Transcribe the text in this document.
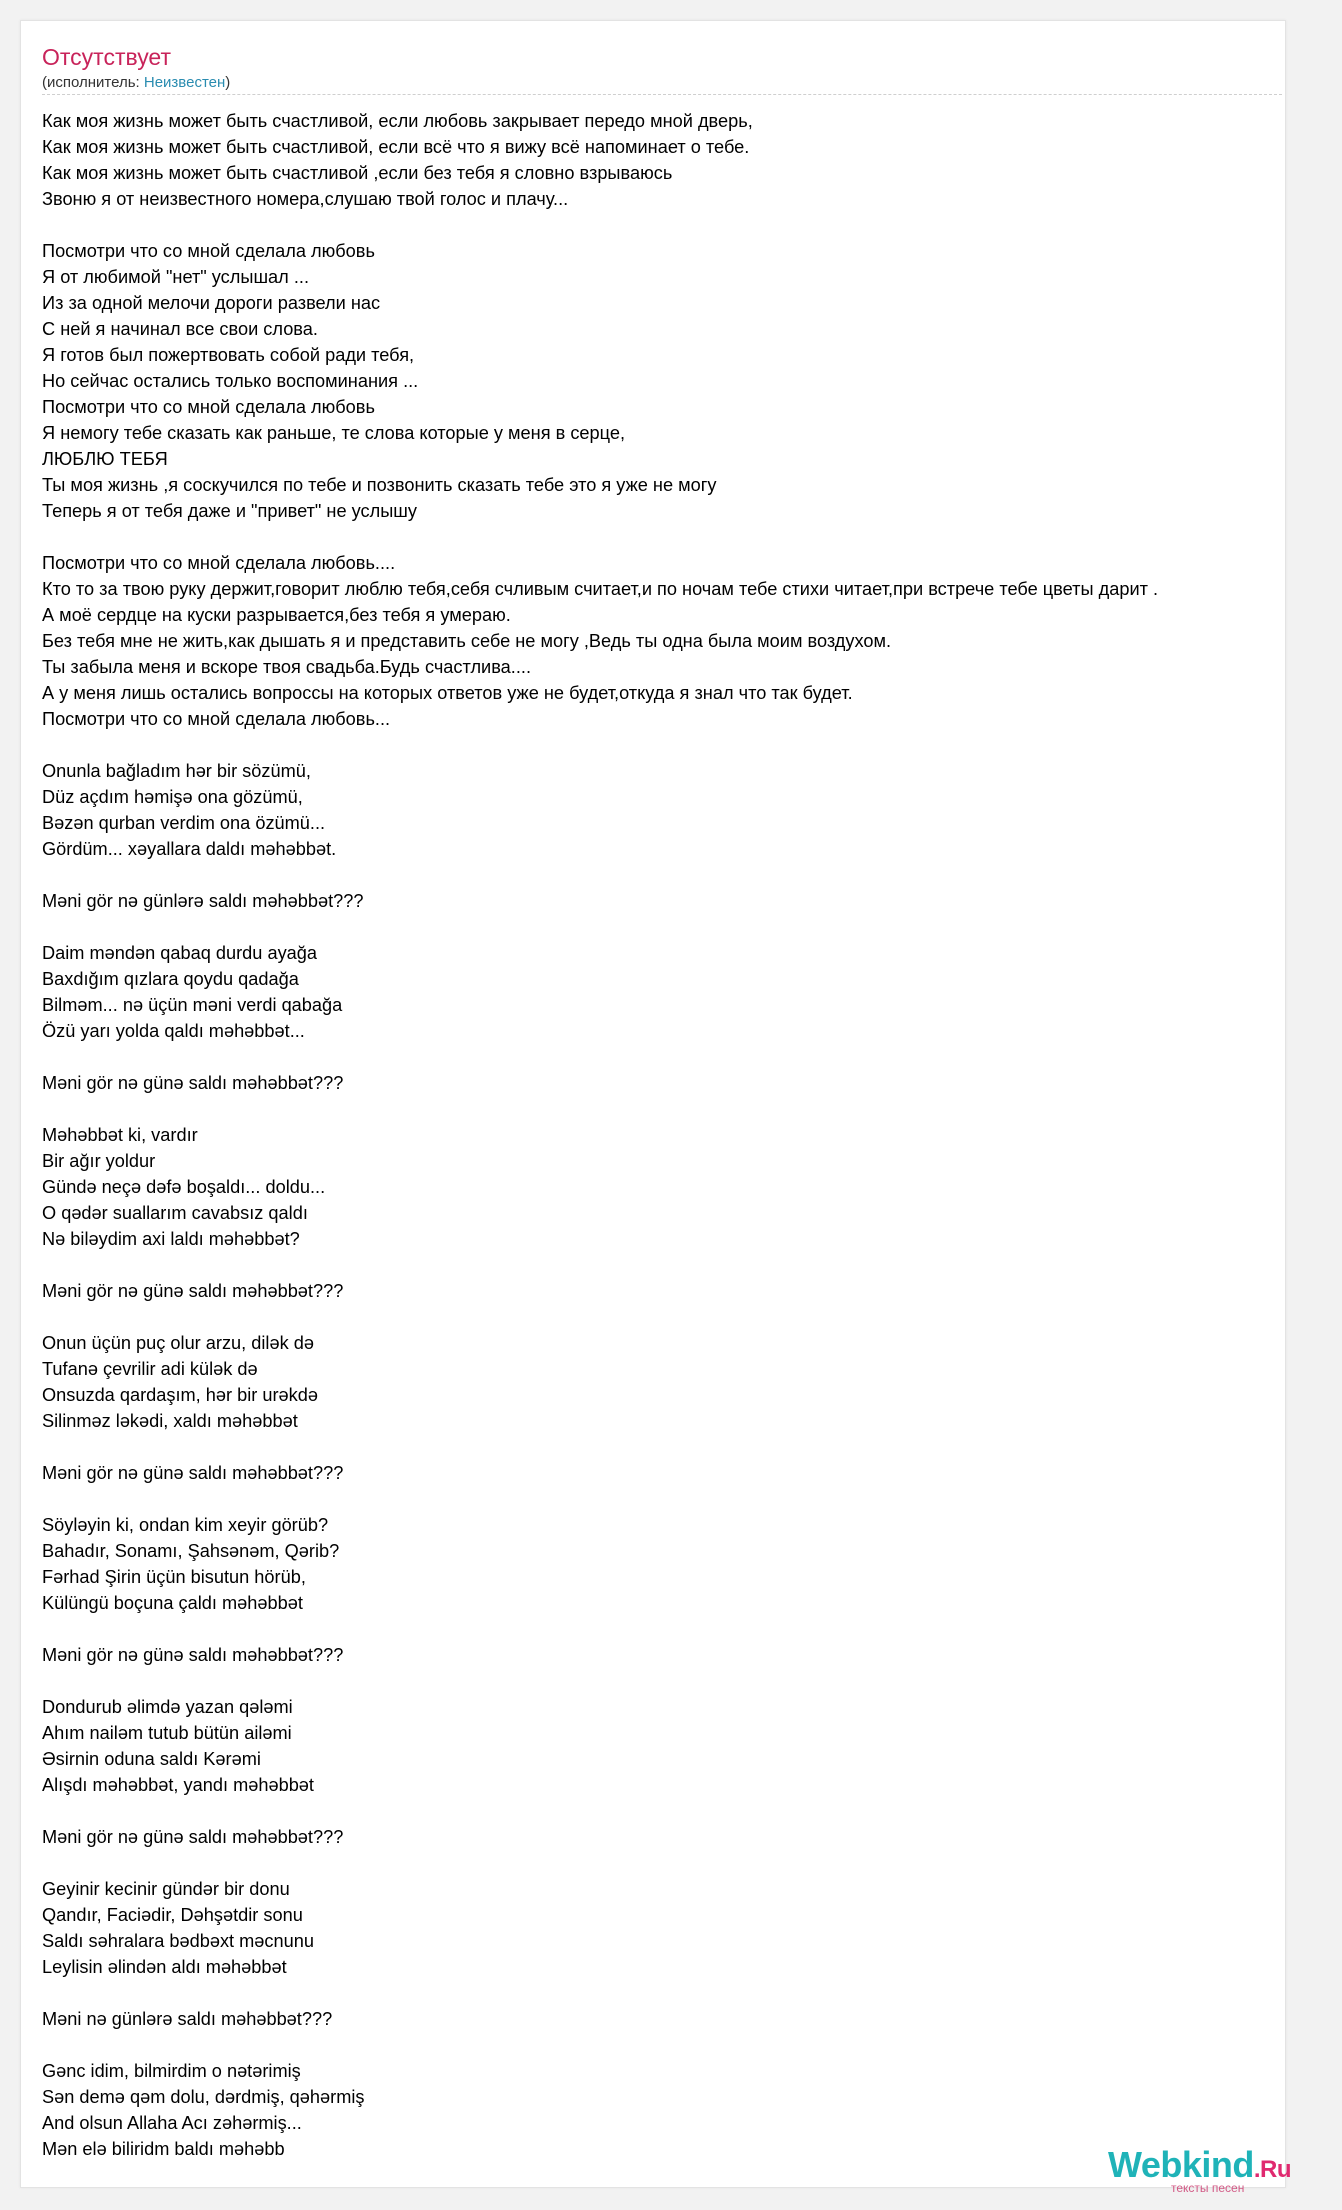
Отсутствует
(исполнитель: Неизвестен)
Как моя жизнь может быть счастливой, если любовь закрывает передо мной дверь,
Как моя жизнь может быть счастливой, если всё что я вижу всё напоминает о тебе.
Как моя жизнь может быть счастливой ,если без тебя я словно взрываюсь
Звоню я от неизвестного номера,слушаю твой голос и плачу...
Посмотри что со мной сделала любовь
Я от любимой "нет" услышал ...
Из за одной мелочи дороги развели нас
С ней я начинал все свои слова.
Я готов был пожертвовать собой ради тебя,
Но сейчас остались только воспоминания ...
Посмотри что со мной сделала любовь
Я немогу тебе сказать как раньше, те слова которые у меня в серце,
ЛЮБЛЮ ТЕБЯ
Ты моя жизнь ,я соскучился по тебе и позвонить сказать тебе это я уже не могу
Теперь я от тебя даже и "привет" не услышу
Посмотри что со мной сделала любовь....
Кто то за твою руку держит,говорит люблю тебя,себя счливым считает,и по ночам тебе стихи читает,при встрече тебе цветы дарит .
А моё сердце на куски разрывается,без тебя я умераю.
Без тебя мне не жить,как дышать я и представить себе не могу ,Ведь ты одна была моим воздухом.
Ты забыла меня и вскоре твоя свадьба.Будь счастлива....
А у меня лишь остались вопроссы на которых ответов уже не будет,откуда я знал что так будет.
Посмотри что со мной сделала любовь...
Onunla bağladım hər bir sözümü,
Düz açdım həmişə ona gözümü,
Bəzən qurban verdim ona özümü...
Gördüm... xəyallara daldı məhəbbət.
Məni gör nə günlərə saldı məhəbbət???
Daim məndən qabaq durdu ayağa
Baxdığım qızlara qoydu qadağa
Bilməm... nə üçün məni verdi qabağa
Özü yarı yolda qaldı məhəbbət...
Məni gör nə günə saldı məhəbbət???
Məhəbbət ki, vardır
Bir ağır yoldur
Gündə neçə dəfə boşaldı... doldu...
O qədər suallarım cavabsız qaldı
Nə biləydim axi laldı məhəbbət?
Məni gör nə günə saldı məhəbbət???
Onun üçün puç olur arzu, dilək də
Tufanə çevrilir adi külək də
Onsuzda qardaşım, hər bir urəkdə
Silinməz ləkədi, xaldı məhəbbət
Məni gör nə günə saldı məhəbbət???
Söyləyin ki, ondan kim xeyir görüb?
Bahadır, Sonamı, Şahsənəm, Qərib?
Fərhad Şirin üçün bisutun hörüb,
Külüngü boçuna çaldı məhəbbət
Məni gör nə günə saldı məhəbbət???
Dondurub əlimdə yazan qələmi
Ahım nailəm tutub bütün ailəmi
Əsirnin oduna saldı Kərəmi
Alışdı məhəbbət, yandı məhəbbət
Məni gör nə günə saldı məhəbbət???
Geyinir kecinir gündər bir donu
Qandır, Faciədir, Dəhşətdir sonu
Saldı səhralara bədbəxt məcnunu
Leylisin əlindən aldı məhəbbət
Məni nə günlərə saldı məhəbbət???
Gənc idim, bilmirdim o nətərimiş
Sən demə qəm dolu, dərdmiş, qəhərmiş
And olsun Allaha Acı zəhərmiş...
Mən elə biliridm baldı məhəbb	Webkind.Ru
тексты песен
